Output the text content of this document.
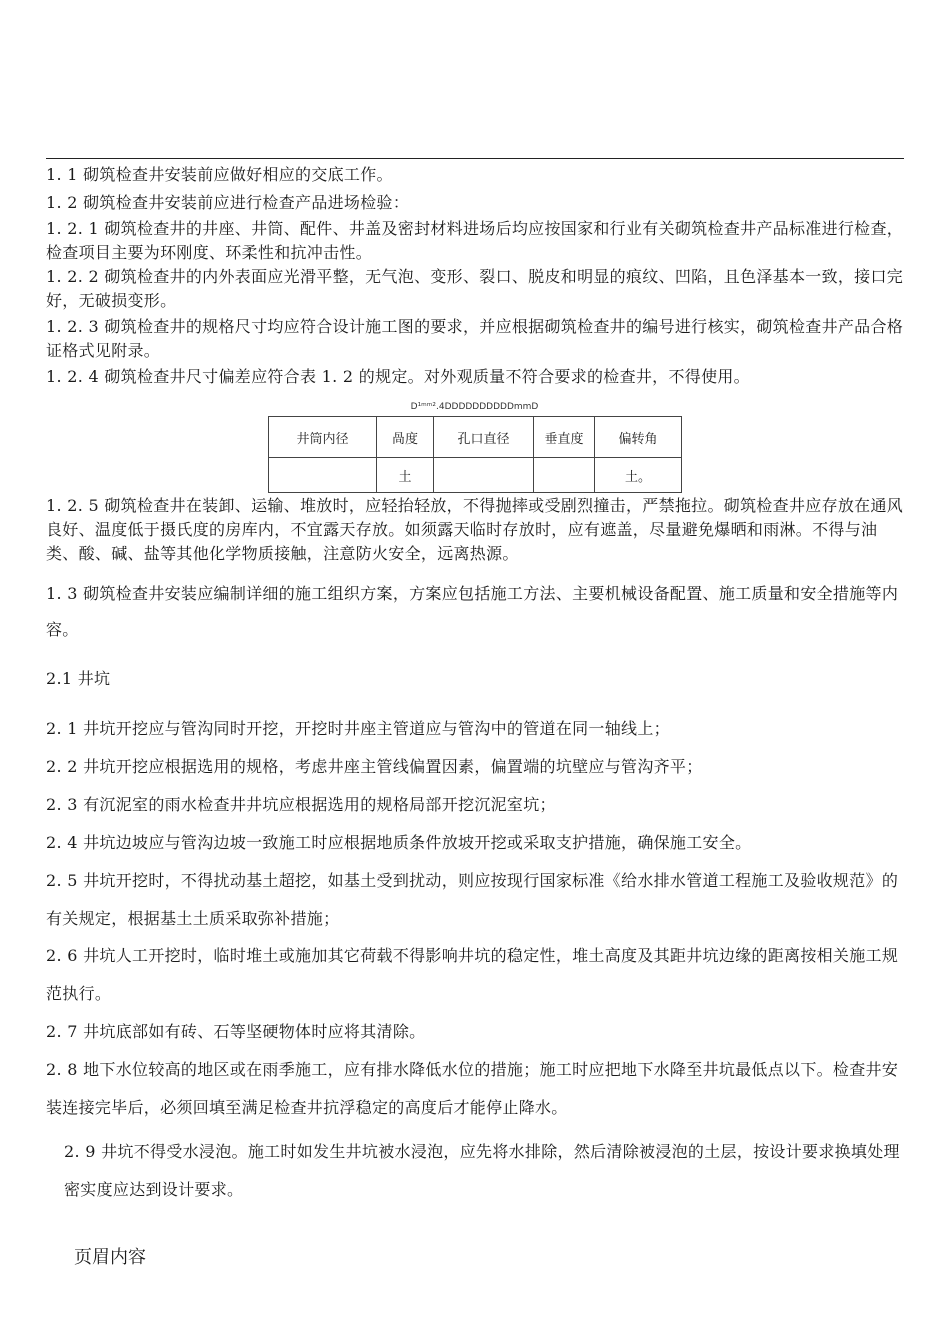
1. 1 砌筑检查井安装前应做好相应的交底工作。

1. 2 砌筑检查井安装前应进行检查产品进场检验：

1. 2. 1 砌筑检查井的井座、井筒、配件、井盖及密封材料进场后均应按国家和行业有关砌筑检查井产品标准进行检查，检查项目主要为环刚度、环柔性和抗冲击性。

1. 2. 2 砌筑检查井的内外表面应光滑平整，无气泡、变形、裂口、脱皮和明显的痕纹、凹陷，且色泽基本一致，接口完好，无破损变形。

1. 2. 3 砌筑检查井的规格尺寸均应符合设计施工图的要求，并应根据砌筑检查井的编号进行核实，砌筑检查井产品合格证格式见附录。

1. 2. 4 砌筑检查井尺寸偏差应符合表 1. 2 的规定。对外观质量不符合要求的检查井，不得使用。

D¹ᵐᵐ².4DDDDDDDDDDmmD
井筒内径	咼度	孔口直径	垂直度	偏转角
	土			土。

1. 2. 5 砌筑检查井在装卸、运输、堆放时，应轻抬轻放，不得抛摔或受剧烈撞击，严禁拖拉。砌筑检查井应存放在通风良好、温度低于摄氏度的房库内，不宜露天存放。如须露天临时存放时，应有遮盖，尽量避免爆晒和雨淋。不得与油类、酸、碱、盐等其他化学物质接触，注意防火安全，远离热源。

1. 3 砌筑检查井安装应编制详细的施工组织方案，方案应包括施工方法、主要机械设备配置、施工质量和安全措施等内容。

2.1 井坑

2. 1 井坑开挖应与管沟同时开挖，开挖时井座主管道应与管沟中的管道在同一轴线上；

2. 2 井坑开挖应根据选用的规格，考虑井座主管线偏置因素，偏置端的坑壁应与管沟齐平；

2. 3 有沉泥室的雨水检查井井坑应根据选用的规格局部开挖沉泥室坑；

2. 4 井坑边坡应与管沟边坡一致施工时应根据地质条件放坡开挖或采取支护措施，确保施工安全。

2. 5 井坑开挖时，不得扰动基土超挖，如基土受到扰动，则应按现行国家标准《给水排水管道工程施工及验收规范》的有关规定，根据基土土质采取弥补措施；

2. 6 井坑人工开挖时，临时堆土或施加其它荷载不得影响井坑的稳定性，堆土高度及其距井坑边缘的距离按相关施工规范执行。

2. 7 井坑底部如有砖、石等坚硬物体时应将其清除。

2. 8 地下水位较高的地区或在雨季施工，应有排水降低水位的措施；施工时应把地下水降至井坑最低点以下。检查井安装连接完毕后，必须回填至满足检查井抗浮稳定的高度后才能停止降水。

2. 9 井坑不得受水浸泡。施工时如发生井坑被水浸泡，应先将水排除，然后清除被浸泡的土层，按设计要求换填处理密实度应达到设计要求。

页眉内容
